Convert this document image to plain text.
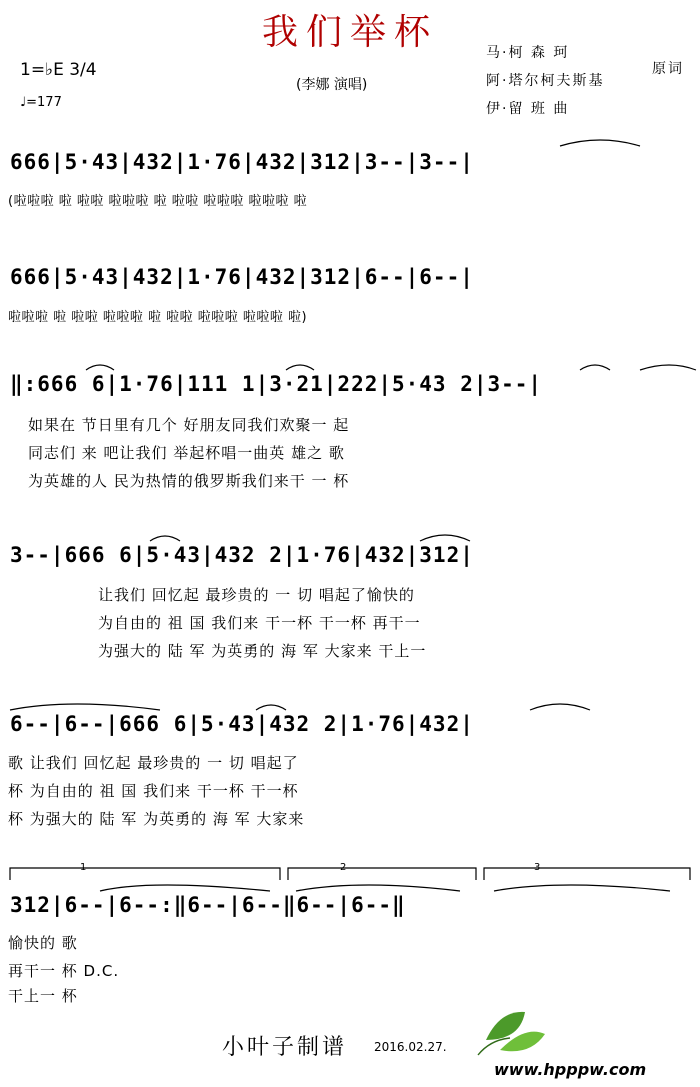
我们举杯
1=♭E 3/4
♩=177
(李娜 演唱)
马·柯 森 珂
阿·塔尔柯夫斯基
原词
伊·留 班 曲
666|5·43|432|1·76|432|312|3--|3--|
(啦啦啦 啦 啦啦 啦啦啦 啦 啦啦 啦啦啦 啦啦啦 啦
666|5·43|432|1·76|432|312|6--|6--|
啦啦啦 啦 啦啦 啦啦啦 啦 啦啦 啦啦啦 啦啦啦 啦)
‖:666 6|1·76|111 1|3·21|222|5·43 2|3--|
如果在 节日里有几个 好朋友同我们欢聚一 起
同志们 来 吧让我们 举起杯唱一曲英 雄之 歌
为英雄的人 民为热情的俄罗斯我们来干 一 杯
3--|666 6|5·43|432 2|1·76|432|312|
让我们 回忆起 最珍贵的 一 切 唱起了愉快的
为自由的 祖 国 我们来 干一杯 干一杯 再干一
为强大的 陆 军 为英勇的 海 军 大家来 干上一
6--|6--|666 6|5·43|432 2|1·76|432|
歌 让我们 回忆起 最珍贵的 一 切 唱起了
杯 为自由的 祖 国 我们来 干一杯 干一杯
杯 为强大的 陆 军 为英勇的 海 军 大家来
312|6--|6--:‖6--|6--‖6--|6--‖
1	2	3
愉快的 歌
再干一 杯 D.C.
干上一 杯
小叶子制谱 2016.02.27.
www.hpppw.com
